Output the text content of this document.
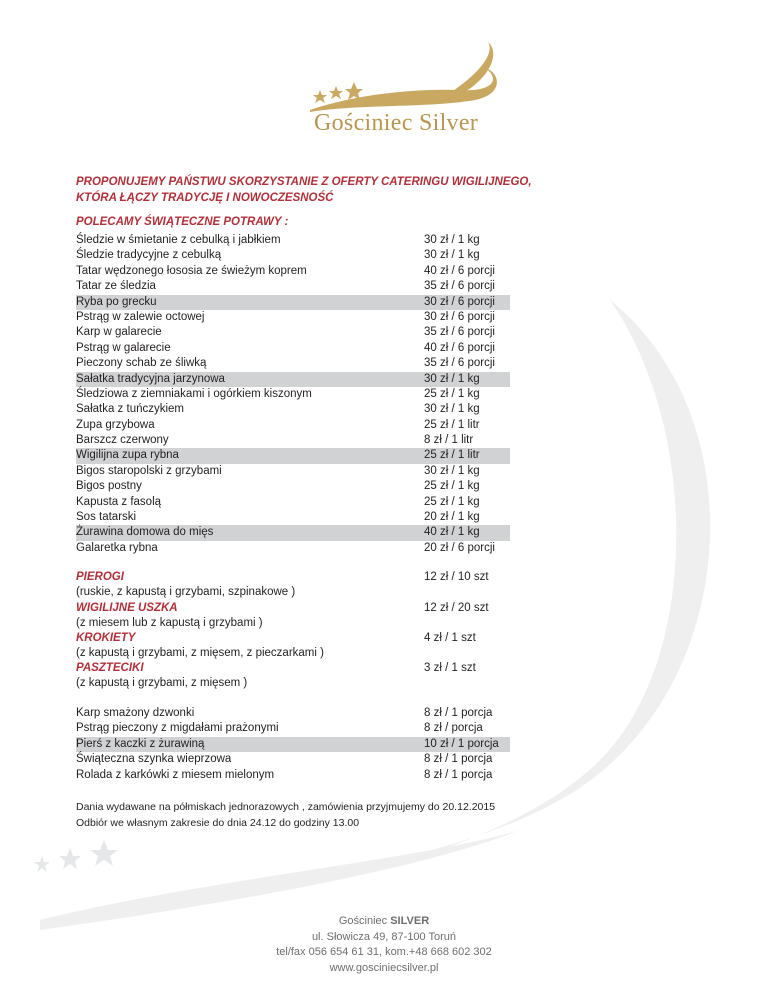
Gościniec Silver
PROPONUJEMY PAŃSTWU SKORZYSTANIE Z OFERTY CATERINGU WIGILIJNEGO,
KTÓRA ŁĄCZY TRADYCJĘ I NOWOCZESNOŚĆ
POLECAMY ŚWIĄTECZNE POTRAWY :
Śledzie w śmietanie z cebulką i jabłkiem	30 zł / 1 kg
Śledzie tradycyjne z cebulką	30 zł / 1 kg
Tatar wędzonego łososia ze świeżym koprem	40 zł / 6 porcji
Tatar ze śledzia	35 zł / 6 porcji
Ryba po grecku	30 zł / 6 porcji
Pstrąg w zalewie octowej	30 zł / 6 porcji
Karp w galarecie	35 zł / 6 porcji
Pstrąg w galarecie	40 zł / 6 porcji
Pieczony schab ze śliwką	35 zł / 6 porcji
Sałatka tradycyjna jarzynowa	30 zł / 1 kg
Śledziowa z ziemniakami i ogórkiem kiszonym	25 zł / 1 kg
Sałatka z tuńczykiem	30 zł / 1 kg
Zupa grzybowa	25 zł / 1 litr
Barszcz czerwony	8 zł / 1 litr
Wigilijna zupa rybna	25 zł / 1 litr
Bigos staropolski z grzybami	30 zł / 1 kg
Bigos postny	25 zł / 1 kg
Kapusta z fasolą	25 zł / 1 kg
Sos tatarski	20 zł / 1 kg
Żurawina domowa do mięs	40 zł / 1 kg
Galaretka rybna	20 zł / 6 porcji
PIEROGI	12 zł / 10 szt
(ruskie, z kapustą i grzybami, szpinakowe )
WIGILIJNE USZKA	12 zł / 20 szt
(z miesem lub z kapustą i grzybami )
KROKIETY	4 zł / 1 szt
(z kapustą i grzybami, z mięsem, z pieczarkami )
PASZTECIKI	3 zł / 1 szt
(z kapustą i grzybami, z mięsem )
Karp smażony dzwonki	8 zł / 1 porcja
Pstrąg pieczony z migdałami prażonymi	8 zł / porcja
Pierś z kaczki z żurawiną	10 zł / 1 porcja
Świąteczna szynka wieprzowa	8 zł / 1 porcja
Rolada z karkówki z miesem mielonym	8 zł / 1 porcja
Dania wydawane na półmiskach jednorazowych , zamówienia przyjmujemy do 20.12.2015
Odbiór we własnym zakresie do dnia 24.12 do godziny 13.00
Gościniec SILVER
ul. Słowicza 49, 87-100 Toruń
tel/fax 056 654 61 31, kom.+48 668 602 302
www.gosciniecsilver.pl
